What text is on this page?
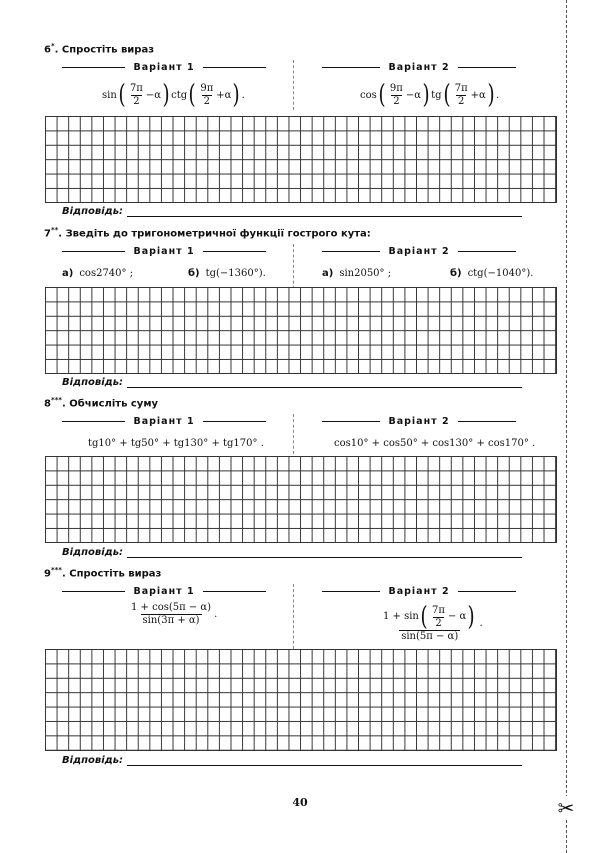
✂
6*. Спростіть вираз
Варіант 1	Варіант 2
sin ( $\frac{7\pi}{2} -\alpha$ ) ctg ( $\frac{9\pi}{2} +\alpha$ ) .	cos ( $\frac{9\pi}{2} -\alpha$ ) tg ( $\frac{7\pi}{2} +\alpha$ ) .
Відповідь:
7**. Зведіть до тригонометричної функції гострого кута:
Варіант 1	Варіант 2
а) cos2740° ;	б) tg(−1360°).	а) sin2050° ;	б) ctg(−1040°).
Відповідь:
8***. Обчисліть суму
Варіант 1	Варіант 2
tg10° + tg50° + tg130° + tg170° .	cos10° + cos50° + cos130° + cos170° .
Відповідь:
9***. Спростіть вираз
Варіант 1	Варіант 2
$\frac{1 + \cos(5\pi - \alpha)}{\sin(3\pi + \alpha)}$ .	$\frac{1 + \sin ( \frac{7\pi}{2} - \alpha )}{\sin(5\pi - \alpha)}$ .
Відповідь:
40
